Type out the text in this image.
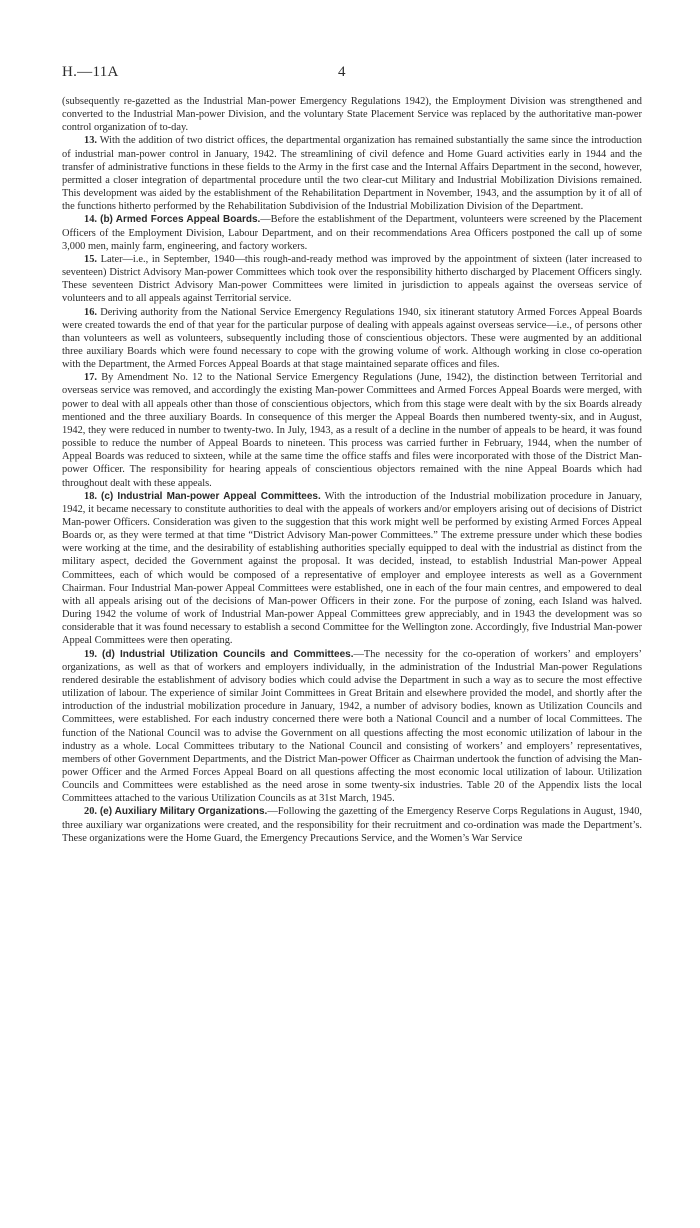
H.—11A	4

(subsequently re-gazetted as the Industrial Man-power Emergency Regulations 1942), the Employment Division was strengthened and converted to the Industrial Man-power Division, and the voluntary State Placement Service was replaced by the authoritative man-power control organization of to-day.

13. With the addition of two district offices, the departmental organization has remained substantially the same since the introduction of industrial man-power control in January, 1942. The streamlining of civil defence and Home Guard activities early in 1944 and the transfer of administrative functions in these fields to the Army in the first case and the Internal Affairs Department in the second, however, permitted a closer integration of departmental procedure until the two clear-cut Military and Industrial Mobilization Divisions remained. This development was aided by the establishment of the Rehabilitation Department in November, 1943, and the assumption by it of all of the functions hitherto performed by the Rehabilitation Subdivision of the Industrial Mobilization Division of the Department.

14. (b) Armed Forces Appeal Boards.—Before the establishment of the Department, volunteers were screened by the Placement Officers of the Employment Division, Labour Department, and on their recommendations Area Officers postponed the call up of some 3,000 men, mainly farm, engineering, and factory workers.

15. Later—i.e., in September, 1940—this rough-and-ready method was improved by the appointment of sixteen (later increased to seventeen) District Advisory Man-power Committees which took over the responsibility hitherto discharged by Placement Officers singly. These seventeen District Advisory Man-power Committees were limited in jurisdiction to appeals against the overseas service of volunteers and to all appeals against Territorial service.

16. Deriving authority from the National Service Emergency Regulations 1940, six itinerant statutory Armed Forces Appeal Boards were created towards the end of that year for the particular purpose of dealing with appeals against overseas service—i.e., of persons other than volunteers as well as volunteers, subsequently including those of conscientious objectors. These were augmented by an additional three auxiliary Boards which were found necessary to cope with the growing volume of work. Although working in close co-operation with the Department, the Armed Forces Appeal Boards at that stage maintained separate offices and files.

17. By Amendment No. 12 to the National Service Emergency Regulations (June, 1942), the distinction between Territorial and overseas service was removed, and accordingly the existing Man-power Committees and Armed Forces Appeal Boards were merged, with power to deal with all appeals other than those of conscientious objectors, which from this stage were dealt with by the six Boards already mentioned and the three auxiliary Boards. In consequence of this merger the Appeal Boards then numbered twenty-six, and in August, 1942, they were reduced in number to twenty-two. In July, 1943, as a result of a decline in the number of appeals to be heard, it was found possible to reduce the number of Appeal Boards to nineteen. This process was carried further in February, 1944, when the number of Appeal Boards was reduced to sixteen, while at the same time the office staffs and files were incorporated with those of the District Man-power Officer. The responsibility for hearing appeals of conscientious objectors remained with the nine Appeal Boards which had throughout dealt with these appeals.

18. (c) Industrial Man-power Appeal Committees. With the introduction of the Industrial mobilization procedure in January, 1942, it became necessary to constitute authorities to deal with the appeals of workers and/or employers arising out of decisions of District Man-power Officers. Consideration was given to the suggestion that this work might well be performed by existing Armed Forces Appeal Boards or, as they were termed at that time “District Advisory Man-power Committees.” The extreme pressure under which these bodies were working at the time, and the desirability of establishing authorities specially equipped to deal with the industrial as distinct from the military aspect, decided the Government against the proposal. It was decided, instead, to establish Industrial Man-power Appeal Committees, each of which would be composed of a representative of employer and employee interests as well as a Government Chairman. Four Industrial Man-power Appeal Committees were established, one in each of the four main centres, and empowered to deal with all appeals arising out of the decisions of Man-power Officers in their zone. For the purpose of zoning, each Island was halved. During 1942 the volume of work of Industrial Man-power Appeal Committees grew appreciably, and in 1943 the development was so considerable that it was found necessary to establish a second Committee for the Wellington zone. Accordingly, five Industrial Man-power Appeal Committees were then operating.

19. (d) Industrial Utilization Councils and Committees.—The necessity for the co-operation of workers’ and employers’ organizations, as well as that of workers and employers individually, in the administration of the Industrial Man-power Regulations rendered desirable the establishment of advisory bodies which could advise the Department in such a way as to secure the most effective utilization of labour. The experience of similar Joint Committees in Great Britain and elsewhere provided the model, and shortly after the introduction of the industrial mobilization procedure in January, 1942, a number of advisory bodies, known as Utilization Councils and Committees, were established. For each industry concerned there were both a National Council and a number of local Committees. The function of the National Council was to advise the Government on all questions affecting the most economic utilization of labour in the industry as a whole. Local Committees tributary to the National Council and consisting of workers’ and employers’ representatives, members of other Government Departments, and the District Man-power Officer as Chairman undertook the function of advising the Man-power Officer and the Armed Forces Appeal Board on all questions affecting the most economic local utilization of labour. Utilization Councils and Committees were established as the need arose in some twenty-six industries. Table 20 of the Appendix lists the local Committees attached to the various Utilization Councils as at 31st March, 1945.

20. (e) Auxiliary Military Organizations.—Following the gazetting of the Emergency Reserve Corps Regulations in August, 1940, three auxiliary war organizations were created, and the responsibility for their recruitment and co-ordination was made the Department’s. These organizations were the Home Guard, the Emergency Precautions Service, and the Women’s War Service
